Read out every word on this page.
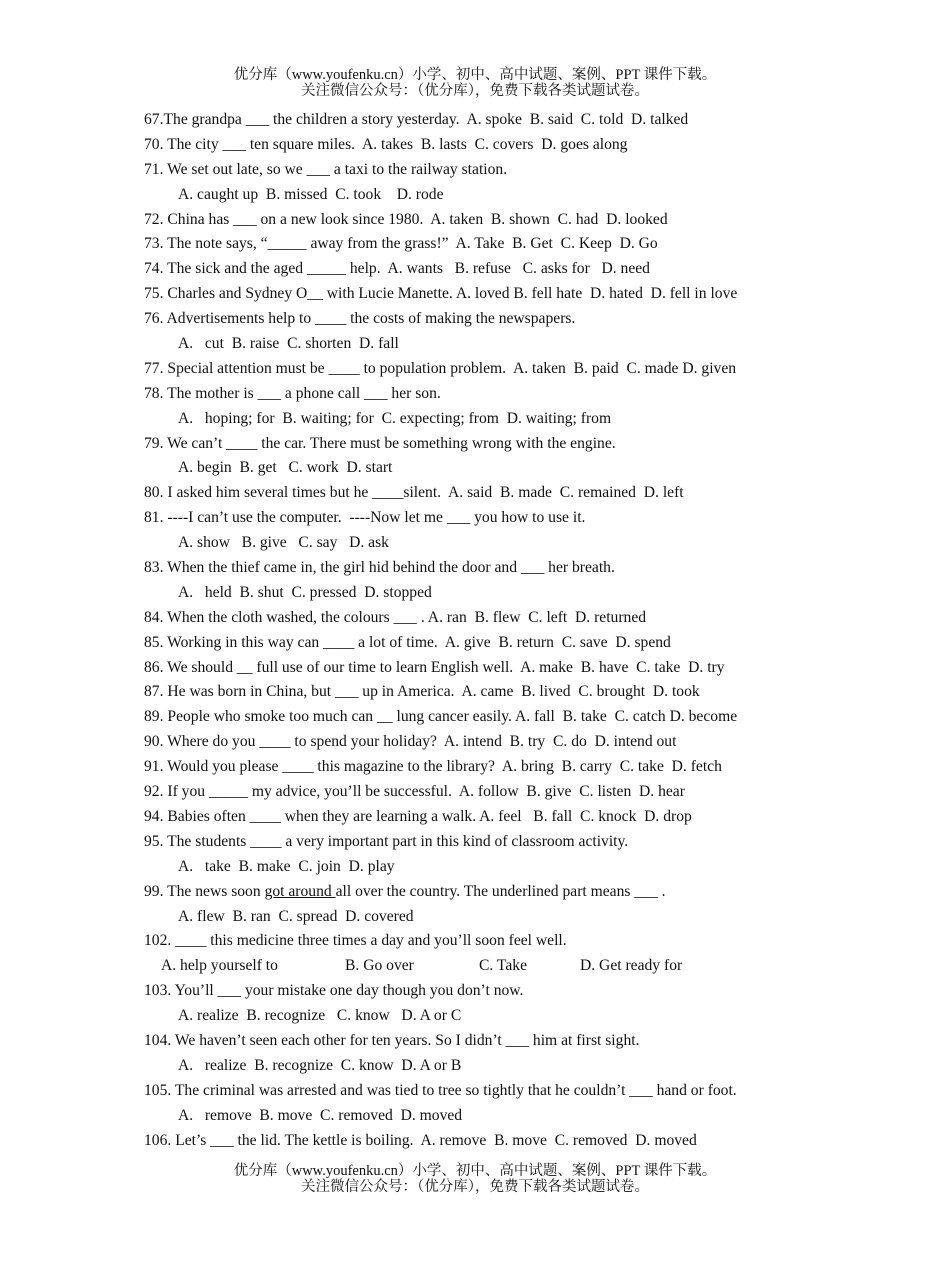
优分库（www.youfenku.cn）小学、初中、高中试题、案例、PPT 课件下载。
关注微信公众号：（优分库），免费下载各类试题试卷。
67.The grandpa ___ the children a story yesterday.  A. spoke  B. said  C. told  D. talked
70. The city ___ ten square miles.  A. takes  B. lasts  C. covers  D. goes along
71. We set out late, so we ___ a taxi to the railway station.
A. caught up  B. missed  C. took    D. rode
72. China has ___ on a new look since 1980.  A. taken  B. shown  C. had  D. looked
73. The note says, “_____ away from the grass!”  A. Take  B. Get  C. Keep  D. Go
74. The sick and the aged _____ help.  A. wants   B. refuse   C. asks for   D. need
75. Charles and Sydney O__ with Lucie Manette. A. loved B. fell hate  D. hated  D. fell in love
76. Advertisements help to ____ the costs of making the newspapers.
A.   cut  B. raise  C. shorten  D. fall
77. Special attention must be ____ to population problem.  A. taken  B. paid  C. made D. given
78. The mother is ___ a phone call ___ her son.
A.   hoping; for  B. waiting; for  C. expecting; from  D. waiting; from
79. We can’t ____ the car. There must be something wrong with the engine.
A. begin  B. get   C. work  D. start
80. I asked him several times but he ____silent.  A. said  B. made  C. remained  D. left
81. ----I can’t use the computer.  ----Now let me ___ you how to use it.
A. show   B. give   C. say   D. ask
83. When the thief came in, the girl hid behind the door and ___ her breath.
A.   held  B. shut  C. pressed  D. stopped
84. When the cloth washed, the colours ___ . A. ran  B. flew  C. left  D. returned
85. Working in this way can ____ a lot of time.  A. give  B. return  C. save  D. spend
86. We should __ full use of our time to learn English well.  A. make  B. have  C. take  D. try
87. He was born in China, but ___ up in America.  A. came  B. lived  C. brought  D. took
89. People who smoke too much can __ lung cancer easily. A. fall  B. take  C. catch D. become
90. Where do you ____ to spend your holiday?  A. intend  B. try  C. do  D. intend out
91. Would you please ____ this magazine to the library?  A. bring  B. carry  C. take  D. fetch
92. If you _____ my advice, you’ll be successful.  A. follow  B. give  C. listen  D. hear
94. Babies often ____ when they are learning a walk. A. feel   B. fall  C. knock  D. drop
95. The students ____ a very important part in this kind of classroom activity.
A.   take  B. make  C. join  D. play
99. The news soon got around all over the country. The underlined part means ___ .
A. flew  B. ran  C. spread  D. covered
102. ____ this medicine three times a day and you’ll soon feel well.
A. help yourself to	B. Go over	C. Take	D. Get ready for
103. You’ll ___ your mistake one day though you don’t now.
A. realize  B. recognize   C. know   D. A or C
104. We haven’t seen each other for ten years. So I didn’t ___ him at first sight.
A.   realize  B. recognize  C. know  D. A or B
105. The criminal was arrested and was tied to tree so tightly that he couldn’t ___ hand or foot.
A.   remove  B. move  C. removed  D. moved
106. Let’s ___ the lid. The kettle is boiling.  A. remove  B. move  C. removed  D. moved
优分库（www.youfenku.cn）小学、初中、高中试题、案例、PPT 课件下载。
关注微信公众号：（优分库），免费下载各类试题试卷。
